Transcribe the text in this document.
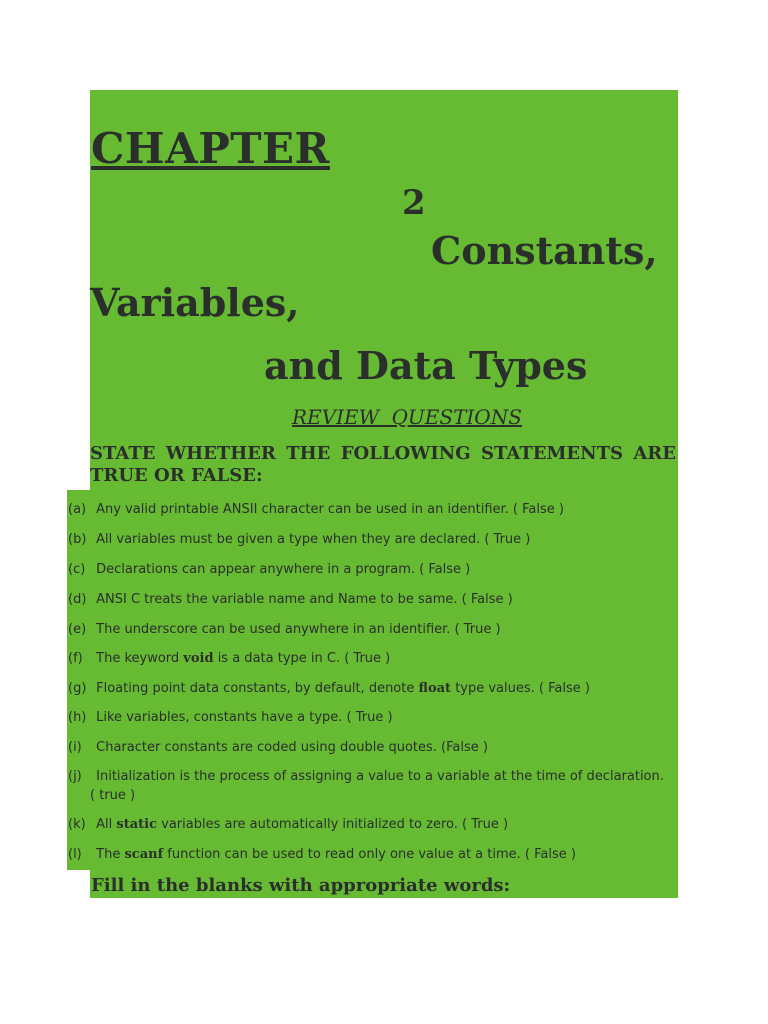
CHAPTER
2
Constants,
Variables,
and Data Types
REVIEW QUESTIONS
STATE WHETHER THE FOLLOWING STATEMENTS ARE TRUE OR FALSE:
(a) Any valid printable ANSII character can be used in an identifier. ( False )
(b) All variables must be given a type when they are declared. ( True )
(c) Declarations can appear anywhere in a program. ( False )
(d) ANSI C treats the variable name and Name to be same. ( False )
(e) The underscore can be used anywhere in an identifier. ( True )
(f) The keyword void is a data type in C. ( True )
(g) Floating point data constants, by default, denote float type values. ( False )
(h) Like variables, constants have a type. ( True )
(i) Character constants are coded using double quotes. (False )
(j) Initialization is the process of assigning a value to a variable at the time of declaration.
( true )
(k) All static variables are automatically initialized to zero. ( True )
(l) The scanf function can be used to read only one value at a time. ( False )
Fill in the blanks with appropriate words:
